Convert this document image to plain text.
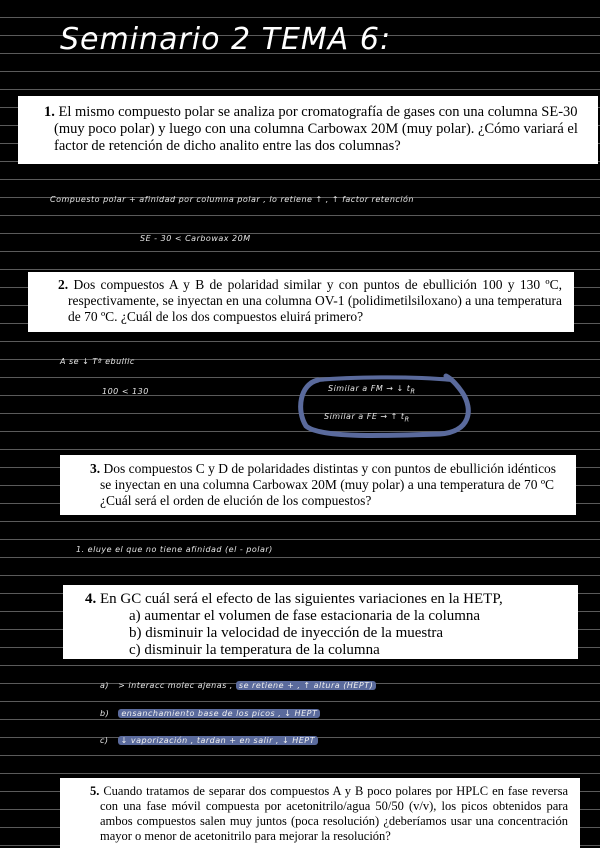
Seminario 2 TEMA 6:
1. El mismo compuesto polar se analiza por cromatografía de gases con una columna SE-30 (muy poco polar) y luego con una columna Carbowax 20M (muy polar). ¿Cómo variará el factor de retención de dicho analito entre las dos columnas?
Compuesto polar + afinidad por columna polar , lo retiene ↑ , ↑ factor retención
SE - 30 < Carbowax 20M
2. Dos compuestos A y B de polaridad similar y con puntos de ebullición 100 y 130 ºC, respectivamente, se inyectan en una columna OV-1 (polidimetilsiloxano) a una temperatura de 70 ºC. ¿Cuál de los dos compuestos eluirá primero?
A se ↓ Tª ebullic
100 < 130	Similar a FM → ↓ $t_R$
Similar a FE → ↑ $t_R$
3. Dos compuestos C y D de polaridades distintas y con puntos de ebullición idénticos se inyectan en una columna Carbowax 20M (muy polar) a una temperatura de 70 ºC ¿Cuál será el orden de elución de los compuestos?
1. eluye el que no tiene afinidad (el - polar)
4. En GC cuál será el efecto de las siguientes variaciones en la HETP,
a) aumentar el volumen de fase estacionaria de la columna
b) disminuir la velocidad de inyección de la muestra
c) disminuir la temperatura de la columna
a) > interacc molec ajenas , se retiene + , ↑ altura (HEPT)
b) ensanchamiento base de los picos , ↓ HEPT
c) ↓ vaporización , tardan + en salir , ↓ HEPT
5. Cuando tratamos de separar dos compuestos A y B poco polares por HPLC en fase reversa con una fase móvil compuesta por acetonitrilo/agua 50/50 (v/v), los picos obtenidos para ambos compuestos salen muy juntos (poca resolución) ¿deberíamos usar una concentración mayor o menor de acetonitrilo para mejorar la resolución?
